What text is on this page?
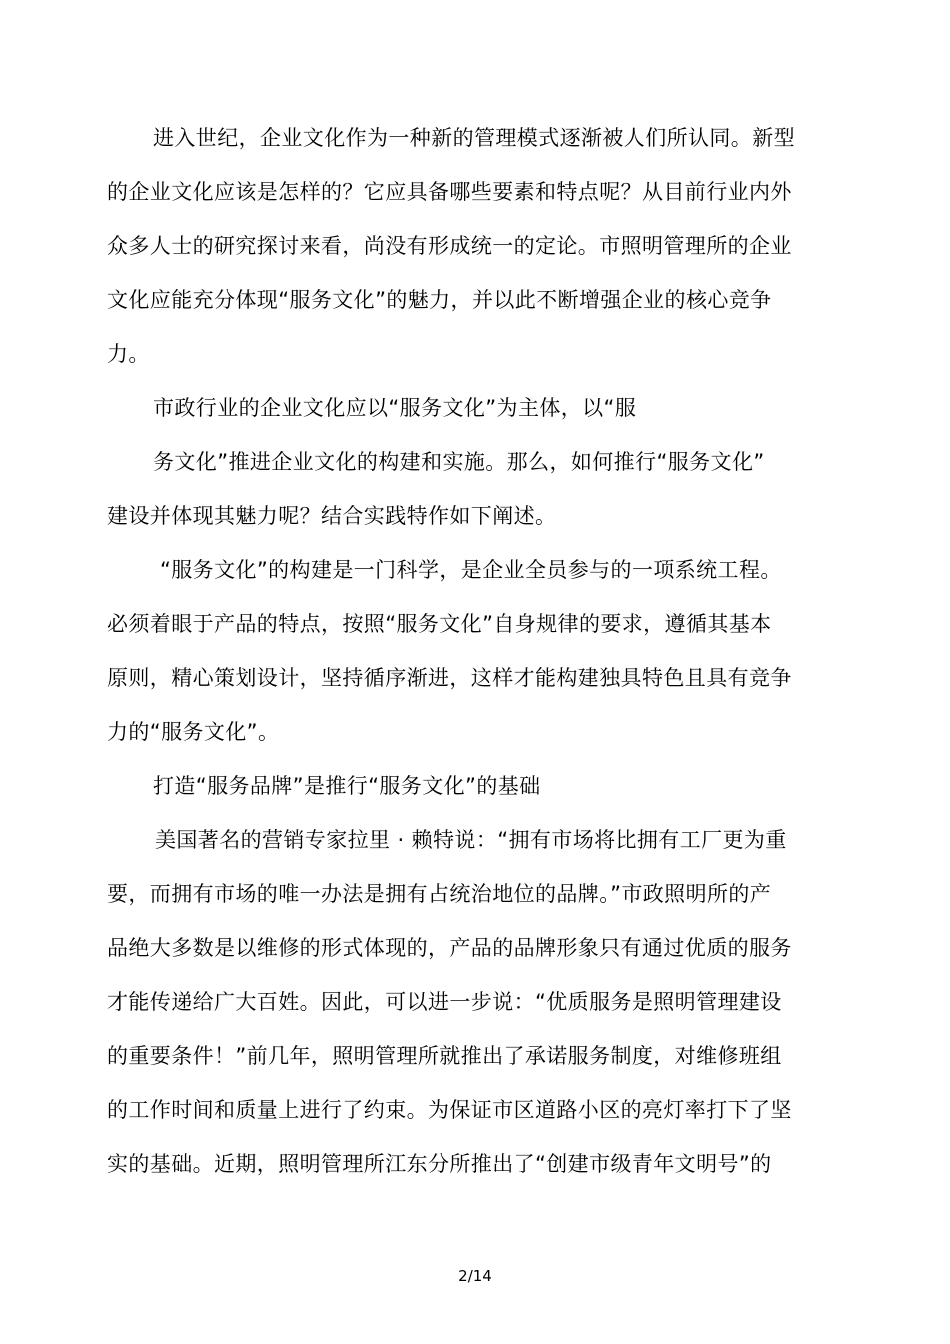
进入世纪，企业文化作为一种新的管理模式逐渐被人们所认同。新型
的企业文化应该是怎样的？它应具备哪些要素和特点呢？从目前行业内外
众多人士的研究探讨来看，尚没有形成统一的定论。市照明管理所的企业
文化应能充分体现“服务文化”的魅力，并以此不断增强企业的核心竞争
力。
市政行业的企业文化应以“服务文化”为主体，以“服
务文化”推进企业文化的构建和实施。那么，如何推行“服务文化”
建设并体现其魅力呢？结合实践特作如下阐述。
“服务文化”的构建是一门科学，是企业全员参与的一项系统工程。
必须着眼于产品的特点，按照“服务文化”自身规律的要求，遵循其基本
原则，精心策划设计，坚持循序渐进，这样才能构建独具特色且具有竞争
力的“服务文化”。
打造“服务品牌”是推行“服务文化”的基础
美国著名的营销专家拉里 · 赖特说：“拥有市场将比拥有工厂更为重
要，而拥有市场的唯一办法是拥有占统治地位的品牌。”市政照明所的产
品绝大多数是以维修的形式体现的，产品的品牌形象只有通过优质的服务
才能传递给广大百姓。因此，可以进一步说：“优质服务是照明管理建设
的重要条件！”前几年，照明管理所就推出了承诺服务制度，对维修班组
的工作时间和质量上进行了约束。为保证市区道路小区的亮灯率打下了坚
实的基础。近期，照明管理所江东分所推出了“创建市级青年文明号”的
2/14
